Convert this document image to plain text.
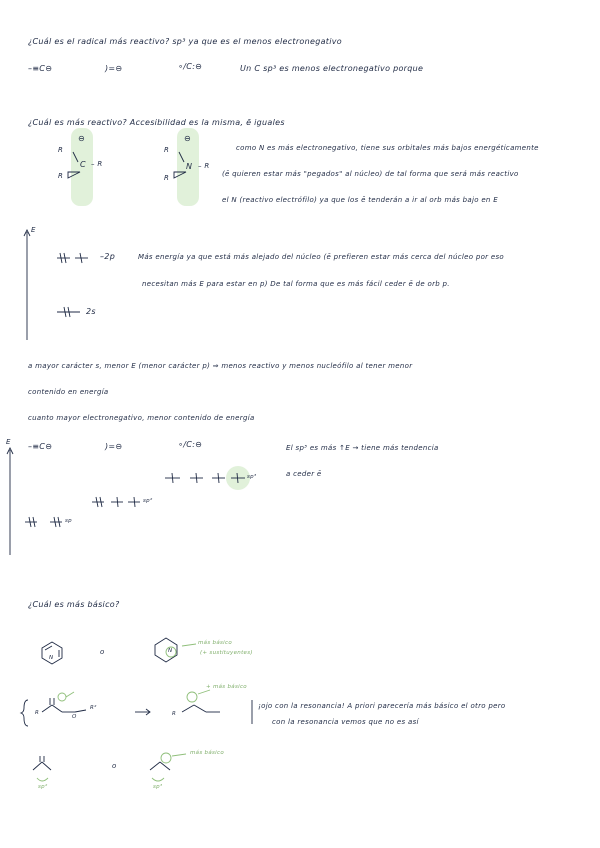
¿Cuál es el radical más reactivo? sp³ ya que es el menos electronegativo
–≡C⊖	)=⊖	∘/C:⊖	Un C sp³ es menos electronegativo porque
¿Cuál es más reactivo? Accesibilidad es la misma, ē iguales
⊖
R
C – R
R
⊖
R
N – R
R
como N es más electronegativo, tiene sus orbitales más bajos energéticamente
(ē quieren estar más "pegados" al núcleo) de tal forma que será más reactivo
el N (reactivo electrófilo) ya que los ē tenderán a ir al orb más bajo en E
E
–2p	Más energía ya que está más alejado del núcleo (ē prefieren estar más cerca del núcleo por eso
necesitan más E para estar en p) De tal forma que es más fácil ceder ē de orb p.
2s
a mayor carácter s, menor E (menor carácter p) ⇒ menos reactivo y menos nucleófilo al tener menor
contenido en energía
cuanto mayor electronegativo, menor contenido de energía
E –≡C⊖	)=⊖	∘/C:⊖	El sp³ es más ↑E → tiene más tendencia
a ceder ē
sp³
sp²
sp
¿Cuál es más básico?
N
o	N
más básico
(+ sustituyentes)
R
O
R²
R
+ más básico
¡ojo con la resonancia! A priori parecería más básico el otro pero
con la resonancia vemos que no es así
o
más básico
sp²	sp³
